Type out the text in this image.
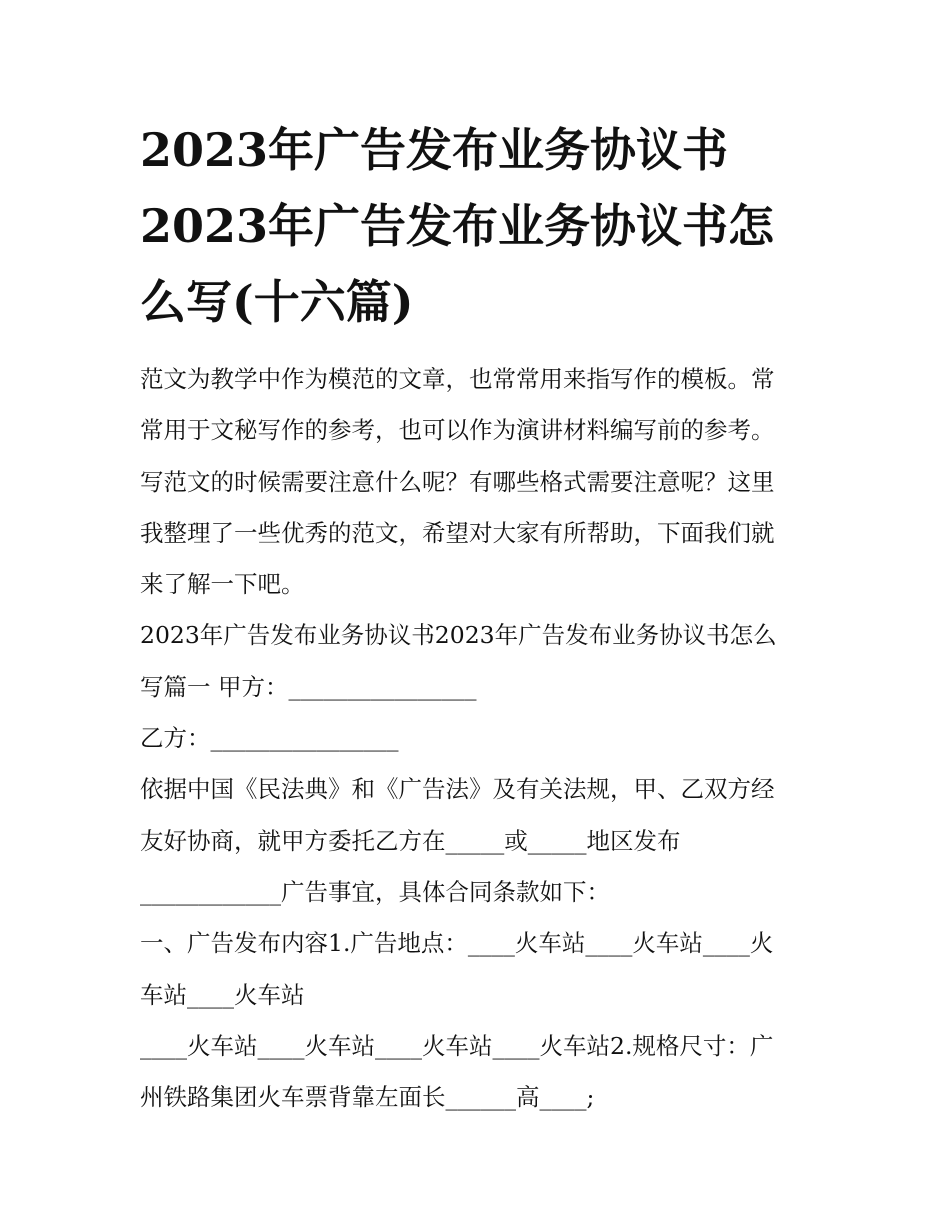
2023年广告发布业务协议书
2023年广告发布业务协议书怎
么写(十六篇)
范文为教学中作为模范的文章，也常常用来指写作的模板。常
常用于文秘写作的参考，也可以作为演讲材料编写前的参考。
写范文的时候需要注意什么呢？有哪些格式需要注意呢？这里
我整理了一些优秀的范文，希望对大家有所帮助，下面我们就
来了解一下吧。
2023年广告发布业务协议书2023年广告发布业务协议书怎么
写篇一 甲方：________________
乙方：________________
依据中国《民法典》和《广告法》及有关法规，甲、乙双方经
友好协商，就甲方委托乙方在_____或_____地区发布
____________广告事宜，具体合同条款如下：
一、广告发布内容1.广告地点：____火车站____火车站____火
车站____火车站
____火车站____火车站____火车站____火车站2.规格尺寸：广
州铁路集团火车票背靠左面长______高____;
